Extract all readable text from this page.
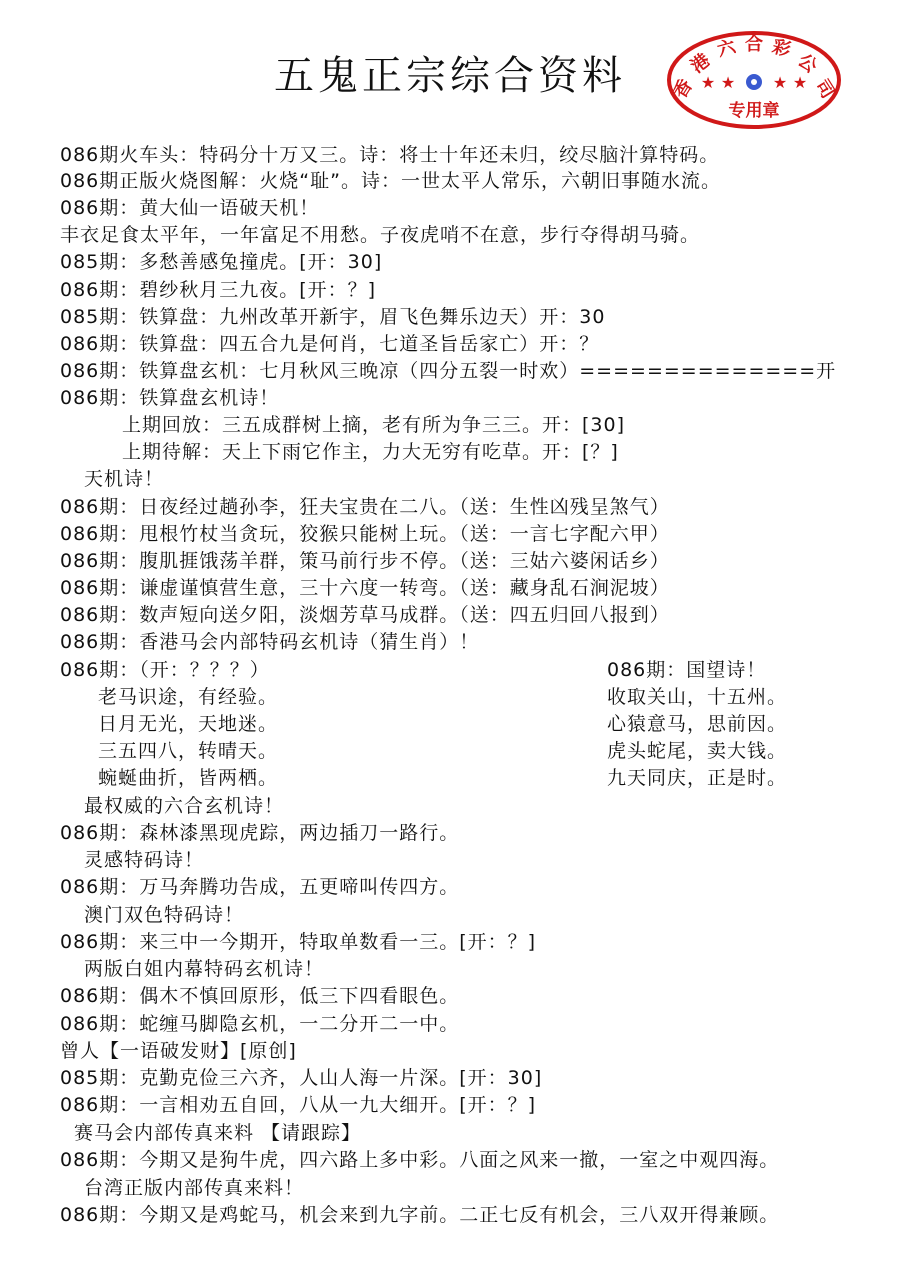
五鬼正宗综合资料	香
港
六 合 彩
公
司
★ ★ ★ ★
专用章
086期火车头：特码分十万又三。诗：将士十年还未归，绞尽脑汁算特码。
086期正版火烧图解：火烧“耻”。诗：一世太平人常乐，六朝旧事随水流。
086期：黄大仙一语破天机！
丰衣足食太平年，一年富足不用愁。子夜虎哨不在意，步行夺得胡马骑。
085期：多愁善感兔撞虎。[开：30]
086期：碧纱秋月三九夜。[开：？]
085期：铁算盘：九州改革开新宇，眉飞色舞乐边天）开：30
086期：铁算盘：四五合九是何肖，七道圣旨岳家亡）开：？
086期：铁算盘玄机：七月秋风三晚凉（四分五裂一时欢）==============开
086期：铁算盘玄机诗！
上期回放：三五成群树上摘，老有所为争三三。开：[30]
上期待解：天上下雨它作主，力大无穷有吃草。开：[？]
天机诗！
086期：日夜经过趟孙李，狂夫宝贵在二八。（送：生性凶残呈煞气）
086期：甩根竹杖当贪玩，狡猴只能树上玩。（送：一言七字配六甲）
086期：腹肌捱饿荡羊群，策马前行步不停。（送：三姑六婆闲话乡）
086期：谦虚谨慎营生意，三十六度一转弯。（送：藏身乱石涧泥坡）
086期：数声短向送夕阳，淡烟芳草马成群。（送：四五归回八报到）
086期：香港马会内部特码玄机诗（猜生肖）！
086期：（开：？？？）
老马识途，有经验。
日月无光，天地迷。
三五四八，转晴天。
蜿蜒曲折，皆两栖。
最权威的六合玄机诗！
086期：森林漆黑现虎踪，两边插刀一路行。
灵感特码诗！
086期：万马奔腾功告成，五更啼叫传四方。
澳门双色特码诗！
086期：来三中一今期开，特取单数看一三。[开：？]
两版白姐内幕特码玄机诗！
086期：偶木不慎回原形，低三下四看眼色。
086期：蛇缠马脚隐玄机，一二分开二一中。
曾人【一语破发财】[原创]
085期：克勤克俭三六齐，人山人海一片深。[开：30]
086期：一言相劝五自回，八从一九大细开。[开：？]
赛马会内部传真来料 【请跟踪】
086期：今期又是狗牛虎，四六路上多中彩。八面之风来一撤，一室之中观四海。
台湾正版内部传真来料！
086期：今期又是鸡蛇马，机会来到九字前。二正七反有机会，三八双开得兼顾。
086期：国望诗！
收取关山，十五州。
心猿意马，思前因。
虎头蛇尾，卖大钱。
九天同庆，正是时。
